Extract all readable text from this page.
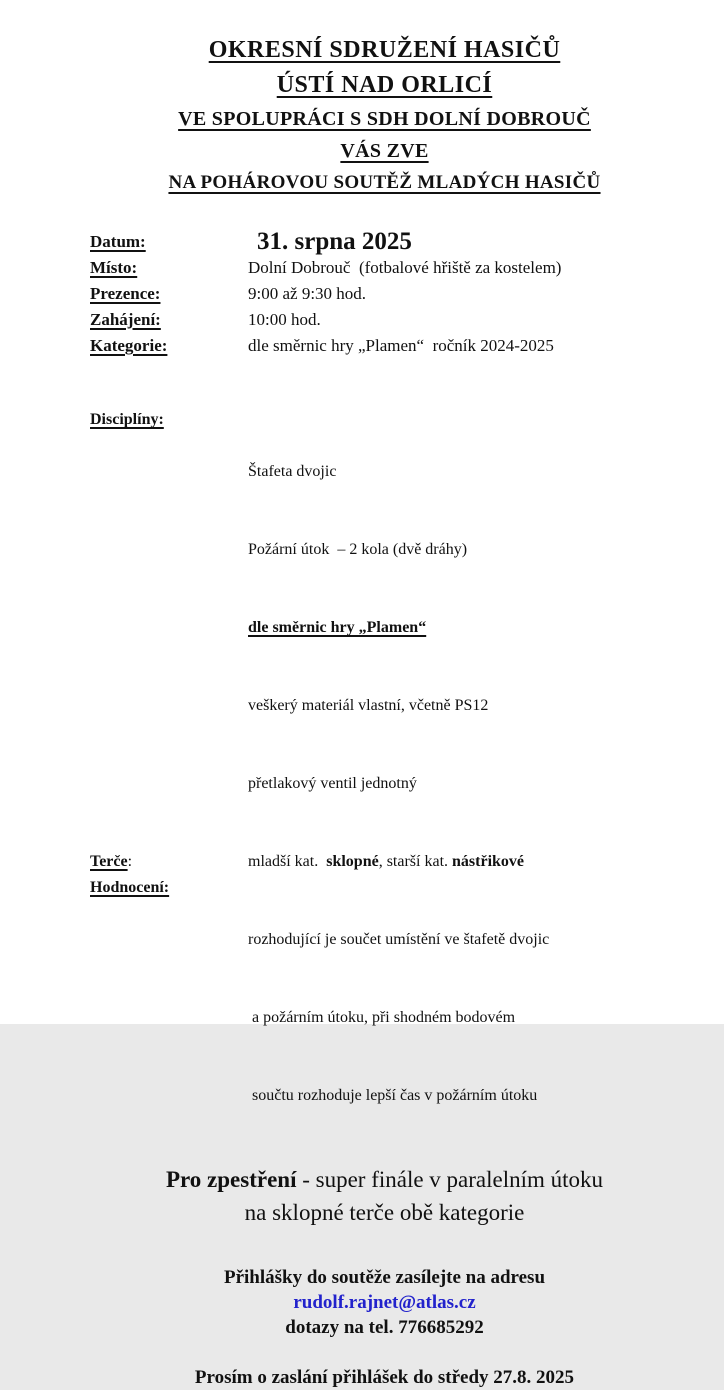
OKRESNÍ SDRUŽENÍ HASIČŮ
ÚSTÍ NAD ORLICÍ
VE SPOLUPRÁCI S SDH DOLNÍ DOBROUČ
VÁS ZVE
NA POHÁROVOU SOUTĚŽ MLADÝCH HASIČŮ
Datum:	31. srpna 2025
Místo:	Dolní Dobrouč  (fotbalové hřiště za kostelem)
Prezence:	9:00 až 9:30 hod.
Zahájení:	10:00 hod.
Kategorie:	dle směrnic hry „Plamen“  ročník 2024-2025
Disciplíny:

Štafeta dvojic

Požární útok  – 2 kola (dvě dráhy)

dle směrnic hry „Plamen“

veškerý materiál vlastní, včetně PS12

přetlakový ventil jednotný

Terče:	mladší kat.  sklopné, starší kat. nástřikové
Hodnocení:

rozhodující je součet umístění ve štafetě dvojic

a požárním útoku, při shodném bodovém

součtu rozhoduje lepší čas v požárním útoku

Pro zpestření - super finále v paralelním útoku
na sklopné terče obě kategorie
Přihlášky do soutěže zasílejte na adresu
rudolf.rajnet@atlas.cz
dotazy na tel. 776685292
Prosím o zaslání přihlášek do středy 27.8. 2025
